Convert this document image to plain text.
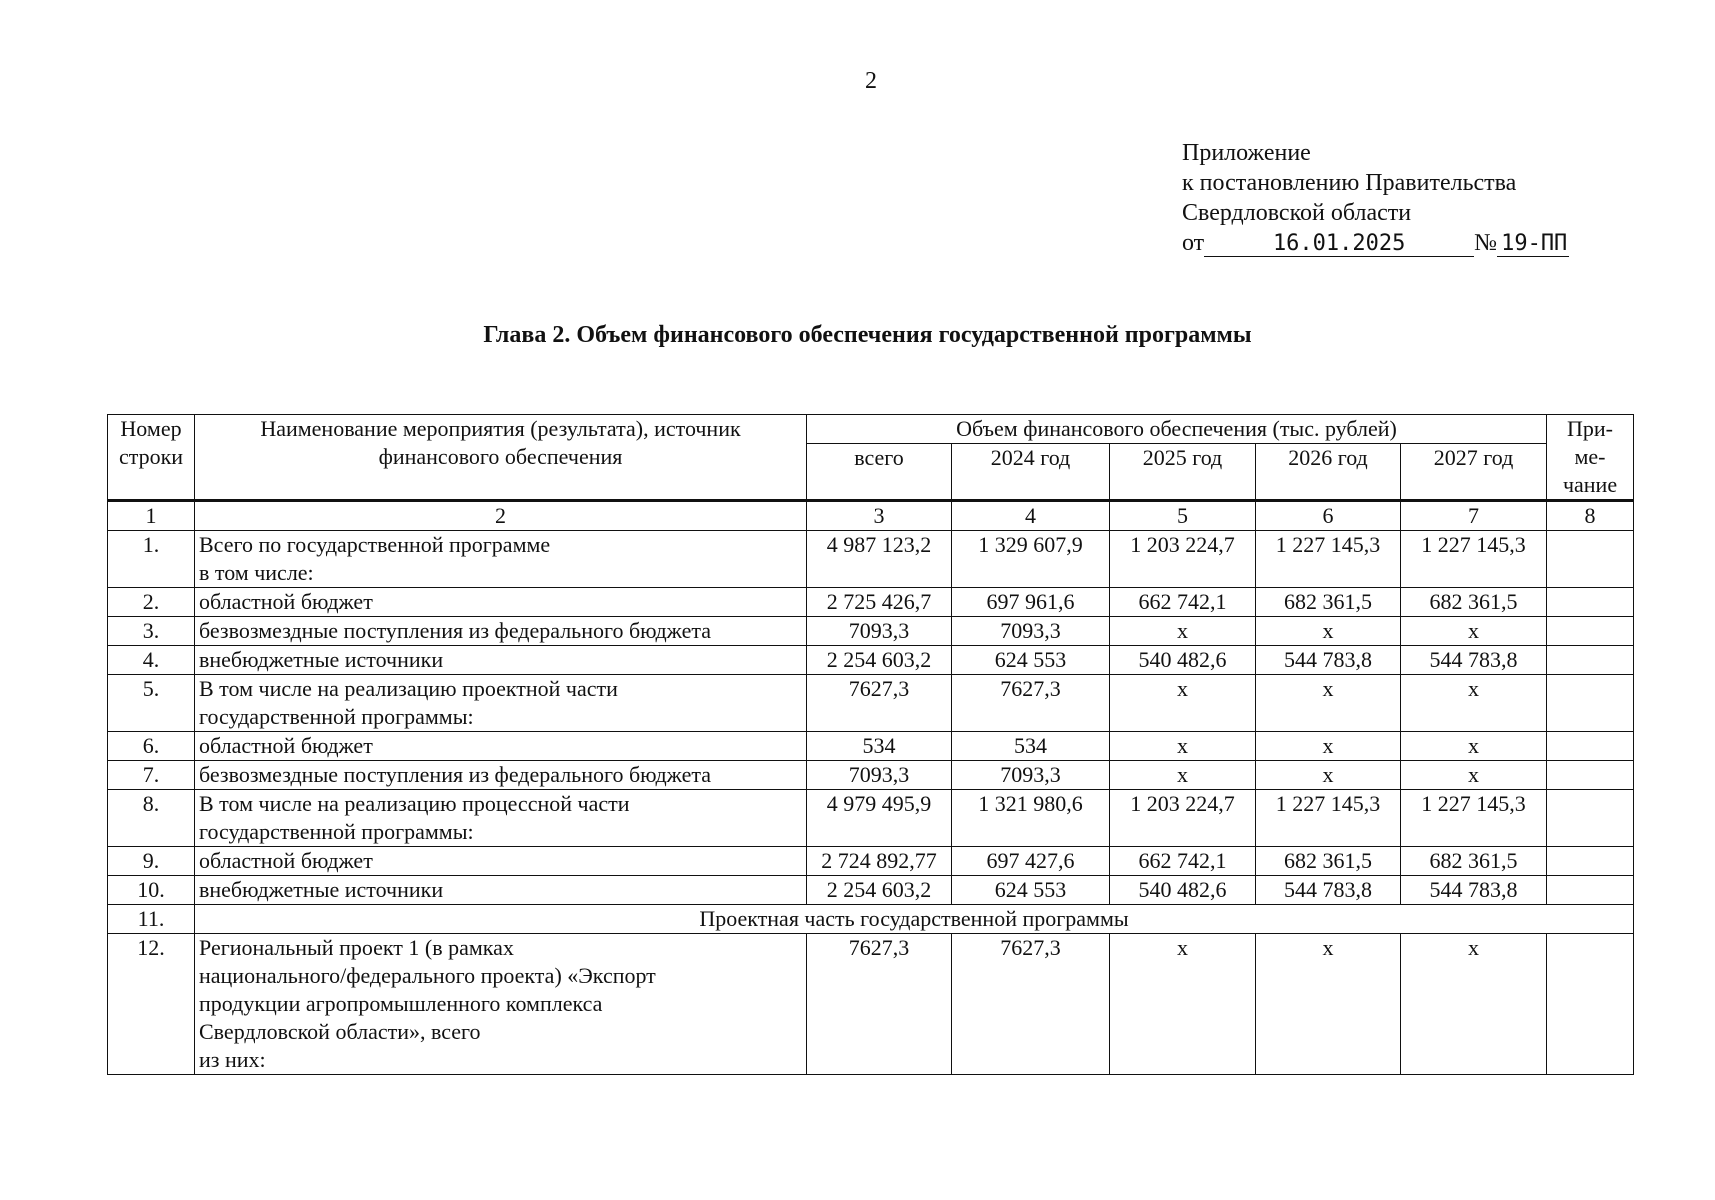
2
Приложение
к постановлению Правительства
Свердловской области
от	16.01.2025	№ 19-ПП
Глава 2. Объем финансового обеспечения государственной программы
Номер строки	Наименование мероприятия (результата), источник финансового обеспечения	Объем финансового обеспечения (тыс. рублей)					При-
ме-
чание

		всего	2024 год	2025 год	2026 год	2027 год	
1	2	3	4	5	6	7	8
1.	Всего по государственной программе
в том числе:	4 987 123,2	1 329 607,9	1 203 224,7	1 227 145,3	1 227 145,3	
2.	областной бюджет	2 725 426,7	697 961,6	662 742,1	682 361,5	682 361,5	
3.	безвозмездные поступления из федерального бюджета	7093,3	7093,3	х	х	х	
4.	внебюджетные источники	2 254 603,2	624 553	540 482,6	544 783,8	544 783,8	
5.	В том числе на реализацию проектной части
государственной программы:	7627,3	7627,3	х	х	х	
6.	областной бюджет	534	534	х	х	х	
7.	безвозмездные поступления из федерального бюджета	7093,3	7093,3	х	х	х	
8.	В том числе на реализацию процессной части
государственной программы:	4 979 495,9	1 321 980,6	1 203 224,7	1 227 145,3	1 227 145,3	
9.	областной бюджет	2 724 892,77	697 427,6	662 742,1	682 361,5	682 361,5	
10.	внебюджетные источники	2 254 603,2	624 553	540 482,6	544 783,8	544 783,8	
11.	Проектная часть государственной программы						
12.	Региональный проект 1 (в рамках
национального/федерального проекта) «Экспорт
продукции агропромышленного комплекса
Свердловской области», всего
из них:	7627,3	7627,3	х	х	х	
